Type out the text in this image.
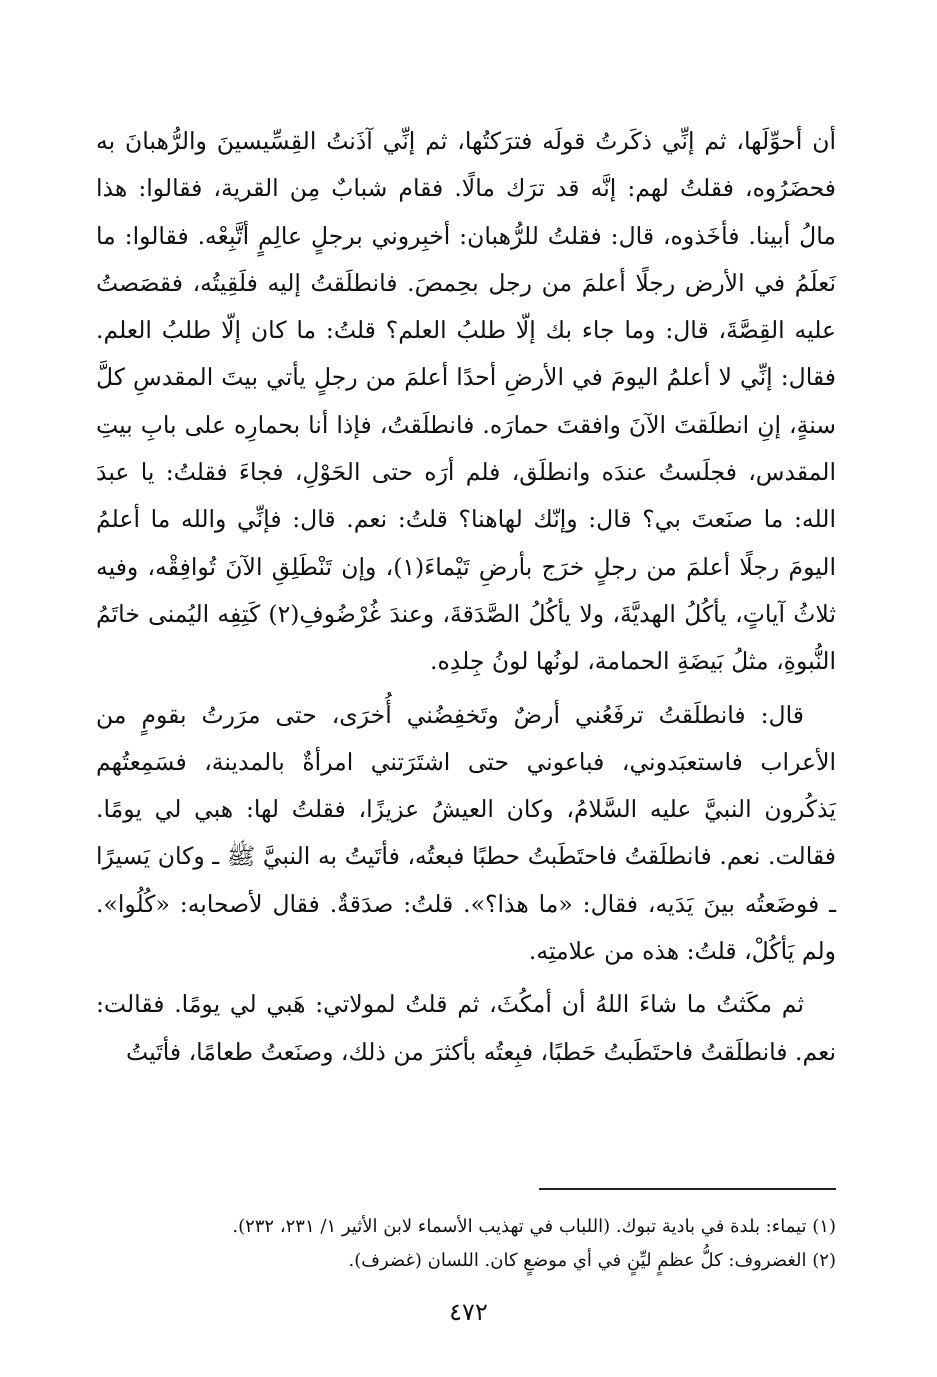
أن أحوِّلَها، ثم إنِّي ذكَرتُ قولَه فترَكتُها، ثم إنِّي آذَنتُ القِسِّيسينَ والرُّهبانَ به فحضَرُوه، فقلتُ لهم: إنَّه قد ترَك مالًا. فقام شبابٌ مِن القرية، فقالوا: هذا مالُ أبينا. فأخَذوه، قال: فقلتُ للرُّهبان: أخبِروني برجلٍ عالِمٍ أتَّبِعْه. فقالوا: ما نَعلَمُ في الأرض رجلًا أعلمَ من رجل بحِمصَ. فانطلَقتُ إليه فلَقِيتُه، فقصَصتُ عليه القِصَّةَ، قال: وما جاء بك إلّا طلبُ العلم؟ قلتُ: ما كان إلّا طلبُ العلم. فقال: إنِّي لا أعلمُ اليومَ في الأرضِ أحدًا أعلمَ من رجلٍ يأتي بيتَ المقدسِ كلَّ سنةٍ، إنِ انطلَقتَ الآنَ وافقتَ حمارَه. فانطلَقتُ، فإذا أنا بحمارِه على بابِ بيتِ المقدس، فجلَستُ عندَه وانطلَق، فلم أرَه حتى الحَوْلِ، فجاءَ فقلتُ: يا عبدَ الله: ما صنَعتَ بي؟ قال: وإنّك لهاهنا؟ قلتُ: نعم. قال: فإنِّي والله ما أعلمُ اليومَ رجلًا أعلمَ من رجلٍ خرَج بأرضِ تَيْماءَ(١)، وإن تَنْطَلِقِ الآنَ تُوافِقْه، وفيه ثلاثُ آياتٍ، يأكُلُ الهديَّةَ، ولا يأكُلُ الصَّدَقةَ، وعندَ غُرْضُوفِ(٢) كَتِفِه اليُمنى خاتَمُ النُّبوةِ، مثلُ بَيضَةِ الحمامة، لونُها لونُ جِلدِه.

قال: فانطلَقتُ ترفَعُني أرضٌ وتَخفِضُني أُخرَى، حتى مرَرتُ بقومٍ من الأعراب فاستعبَدوني، فباعوني حتى اشتَرَتني امرأةٌ بالمدينة، فسَمِعتُهم يَذكُرون النبيَّ عليه السَّلامُ، وكان العيشُ عزيزًا، فقلتُ لها: هبي لي يومًا. فقالت. نعم. فانطلَقتُ فاحتَطَبتُ حطبًا فبعتُه، فأتَيتُ به النبيَّ ﷺ ـ وكان يَسيرًا ـ فوضَعتُه بينَ يَدَيه، فقال: «ما هذا؟». قلتُ: صدَقةٌ. فقال لأصحابه: «كُلُوا». ولم يَأكُلْ، قلتُ: هذه من علامتِه.

ثم مكَثتُ ما شاءَ اللهُ أن أمكُثَ، ثم قلتُ لمولاتي: هَبي لي يومًا. فقالت: نعم. فانطلَقتُ فاحتَطَبتُ حَطبًا، فبِعتُه بأكثرَ من ذلك، وصنَعتُ طعامًا، فأتَيتُ

(١) تيماء: بلدة في بادية تبوك. (اللباب في تهذيب الأسماء لابن الأثير ١/ ٢٣١، ٢٣٢).

(٢) الغضروف: كلُّ عظمٍ ليِّنٍ في أي موضعٍ كان. اللسان (غضرف).

٤٧٢
